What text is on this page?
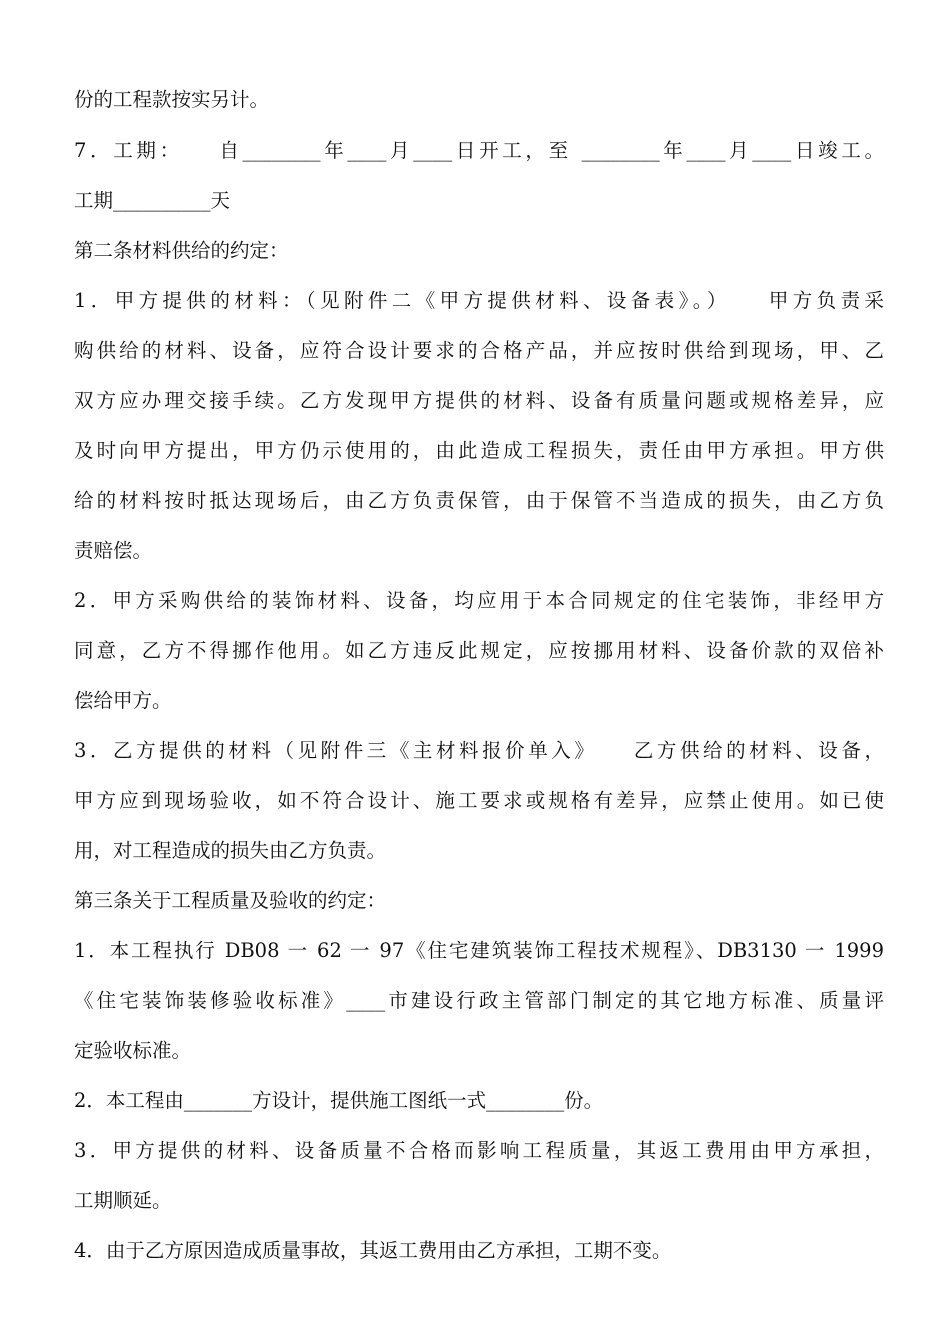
份的工程款按实另计。
7．工期：　　自________年____月____日开工，至 ________年____月____日竣工。
工期__________天
第二条材料供给的约定：
1．甲方提供的材料：（见附件二《甲方提供材料、设备表》。）　　甲方负责采
购供给的材料、设备，应符合设计要求的合格产品，并应按时供给到现场，甲、乙
双方应办理交接手续。乙方发现甲方提供的材料、设备有质量问题或规格差异，应
及时向甲方提出，甲方仍示使用的，由此造成工程损失，责任由甲方承担。甲方供
给的材料按时抵达现场后，由乙方负责保管，由于保管不当造成的损失，由乙方负
责赔偿。
2．甲方采购供给的装饰材料、设备，均应用于本合同规定的住宅装饰，非经甲方
同意，乙方不得挪作他用。如乙方违反此规定，应按挪用材料、设备价款的双倍补
偿给甲方。
3．乙方提供的材料（见附件三《主材料报价单入》　　乙方供给的材料、设备，
甲方应到现场验收，如不符合设计、施工要求或规格有差异，应禁止使用。如已使
用，对工程造成的损失由乙方负责。
第三条关于工程质量及验收的约定：
1．本工程执行 DB08 一 62 一 97《住宅建筑装饰工程技术规程》、DB3130 一 1999
《住宅装饰装修验收标准》____市建设行政主管部门制定的其它地方标准、质量评
定验收标准。
2．本工程由_______方设计，提供施工图纸一式________份。
3．甲方提供的材料、设备质量不合格而影响工程质量，其返工费用由甲方承担，
工期顺延。
4．由于乙方原因造成质量事故，其返工费用由乙方承担，工期不变。
